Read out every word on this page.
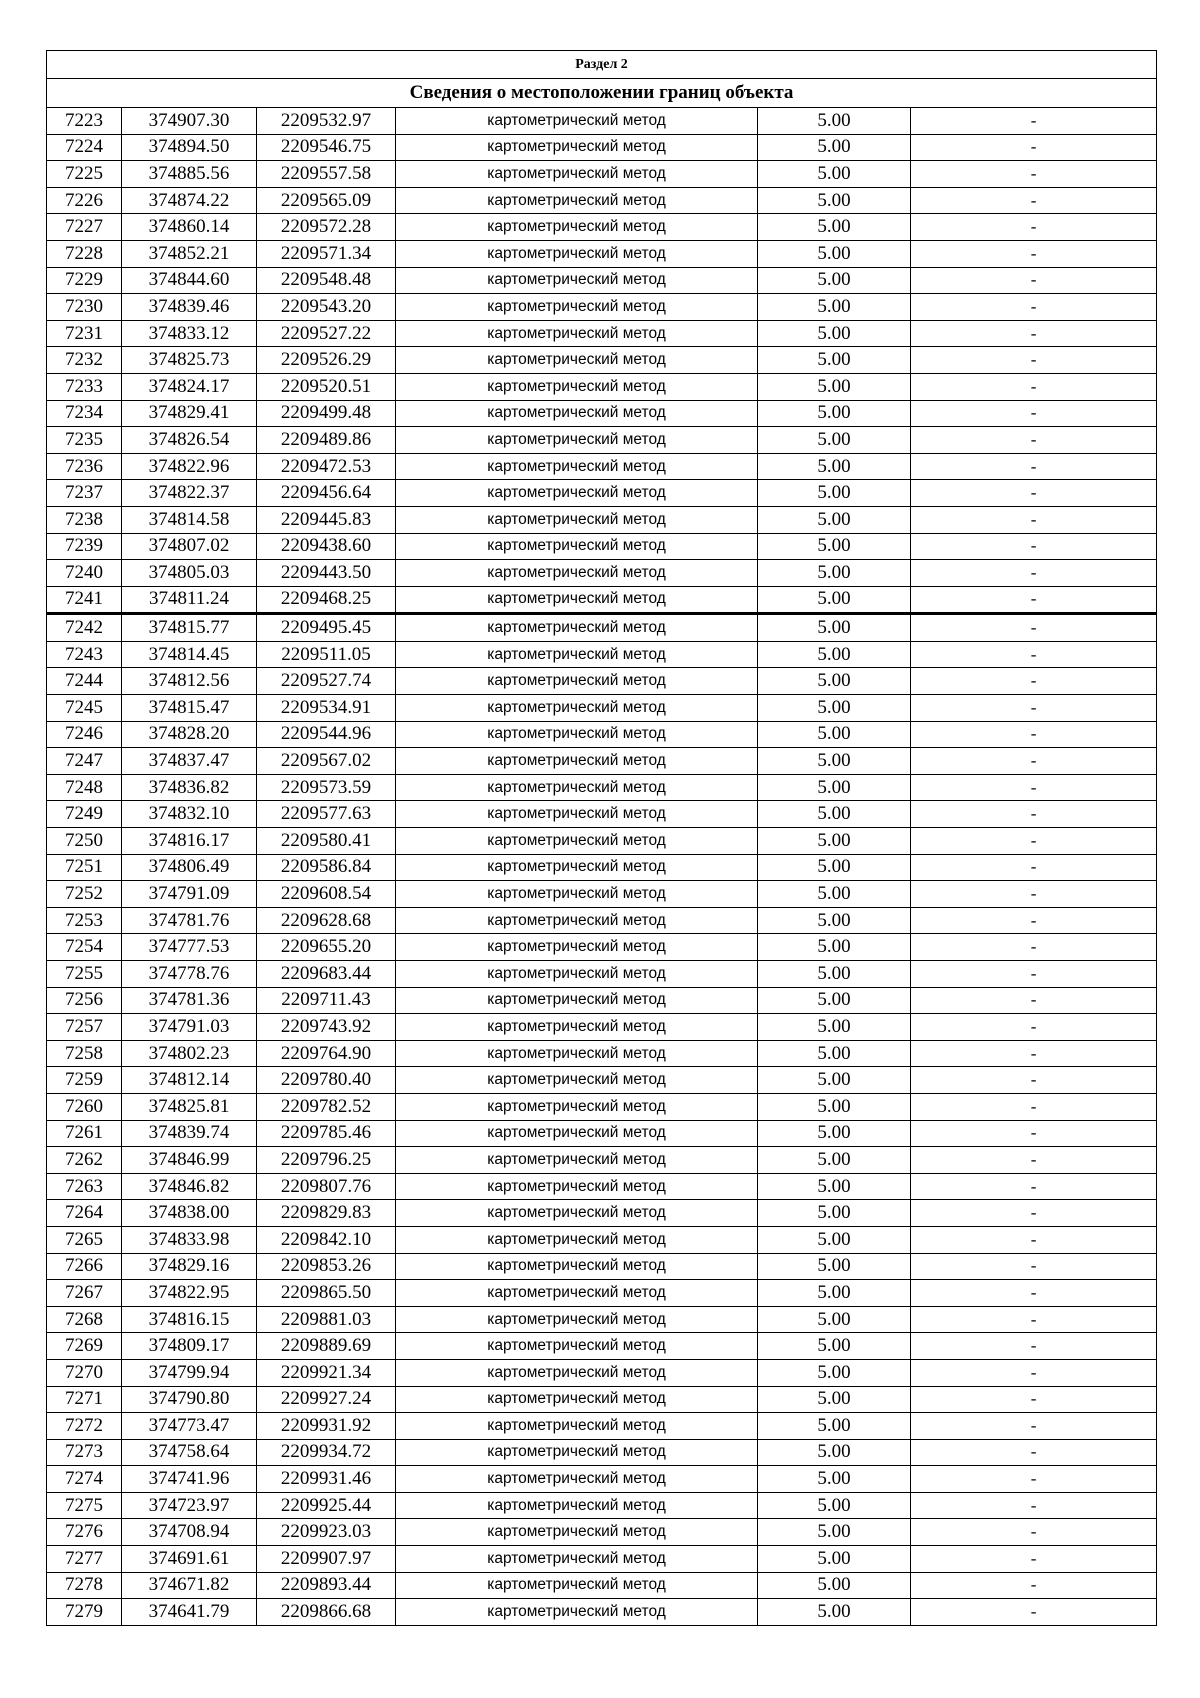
Раздел 2					
Сведения о местоположении границ объекта					
7223	374907.30	2209532.97	картометрический метод	5.00	-
7224	374894.50	2209546.75	картометрический метод	5.00	-
7225	374885.56	2209557.58	картометрический метод	5.00	-
7226	374874.22	2209565.09	картометрический метод	5.00	-
7227	374860.14	2209572.28	картометрический метод	5.00	-
7228	374852.21	2209571.34	картометрический метод	5.00	-
7229	374844.60	2209548.48	картометрический метод	5.00	-
7230	374839.46	2209543.20	картометрический метод	5.00	-
7231	374833.12	2209527.22	картометрический метод	5.00	-
7232	374825.73	2209526.29	картометрический метод	5.00	-
7233	374824.17	2209520.51	картометрический метод	5.00	-
7234	374829.41	2209499.48	картометрический метод	5.00	-
7235	374826.54	2209489.86	картометрический метод	5.00	-
7236	374822.96	2209472.53	картометрический метод	5.00	-
7237	374822.37	2209456.64	картометрический метод	5.00	-
7238	374814.58	2209445.83	картометрический метод	5.00	-
7239	374807.02	2209438.60	картометрический метод	5.00	-
7240	374805.03	2209443.50	картометрический метод	5.00	-
7241	374811.24	2209468.25	картометрический метод	5.00	-
7242	374815.77	2209495.45	картометрический метод	5.00	-
7243	374814.45	2209511.05	картометрический метод	5.00	-
7244	374812.56	2209527.74	картометрический метод	5.00	-
7245	374815.47	2209534.91	картометрический метод	5.00	-
7246	374828.20	2209544.96	картометрический метод	5.00	-
7247	374837.47	2209567.02	картометрический метод	5.00	-
7248	374836.82	2209573.59	картометрический метод	5.00	-
7249	374832.10	2209577.63	картометрический метод	5.00	-
7250	374816.17	2209580.41	картометрический метод	5.00	-
7251	374806.49	2209586.84	картометрический метод	5.00	-
7252	374791.09	2209608.54	картометрический метод	5.00	-
7253	374781.76	2209628.68	картометрический метод	5.00	-
7254	374777.53	2209655.20	картометрический метод	5.00	-
7255	374778.76	2209683.44	картометрический метод	5.00	-
7256	374781.36	2209711.43	картометрический метод	5.00	-
7257	374791.03	2209743.92	картометрический метод	5.00	-
7258	374802.23	2209764.90	картометрический метод	5.00	-
7259	374812.14	2209780.40	картометрический метод	5.00	-
7260	374825.81	2209782.52	картометрический метод	5.00	-
7261	374839.74	2209785.46	картометрический метод	5.00	-
7262	374846.99	2209796.25	картометрический метод	5.00	-
7263	374846.82	2209807.76	картометрический метод	5.00	-
7264	374838.00	2209829.83	картометрический метод	5.00	-
7265	374833.98	2209842.10	картометрический метод	5.00	-
7266	374829.16	2209853.26	картометрический метод	5.00	-
7267	374822.95	2209865.50	картометрический метод	5.00	-
7268	374816.15	2209881.03	картометрический метод	5.00	-
7269	374809.17	2209889.69	картометрический метод	5.00	-
7270	374799.94	2209921.34	картометрический метод	5.00	-
7271	374790.80	2209927.24	картометрический метод	5.00	-
7272	374773.47	2209931.92	картометрический метод	5.00	-
7273	374758.64	2209934.72	картометрический метод	5.00	-
7274	374741.96	2209931.46	картометрический метод	5.00	-
7275	374723.97	2209925.44	картометрический метод	5.00	-
7276	374708.94	2209923.03	картометрический метод	5.00	-
7277	374691.61	2209907.97	картометрический метод	5.00	-
7278	374671.82	2209893.44	картометрический метод	5.00	-
7279	374641.79	2209866.68	картометрический метод	5.00	-
